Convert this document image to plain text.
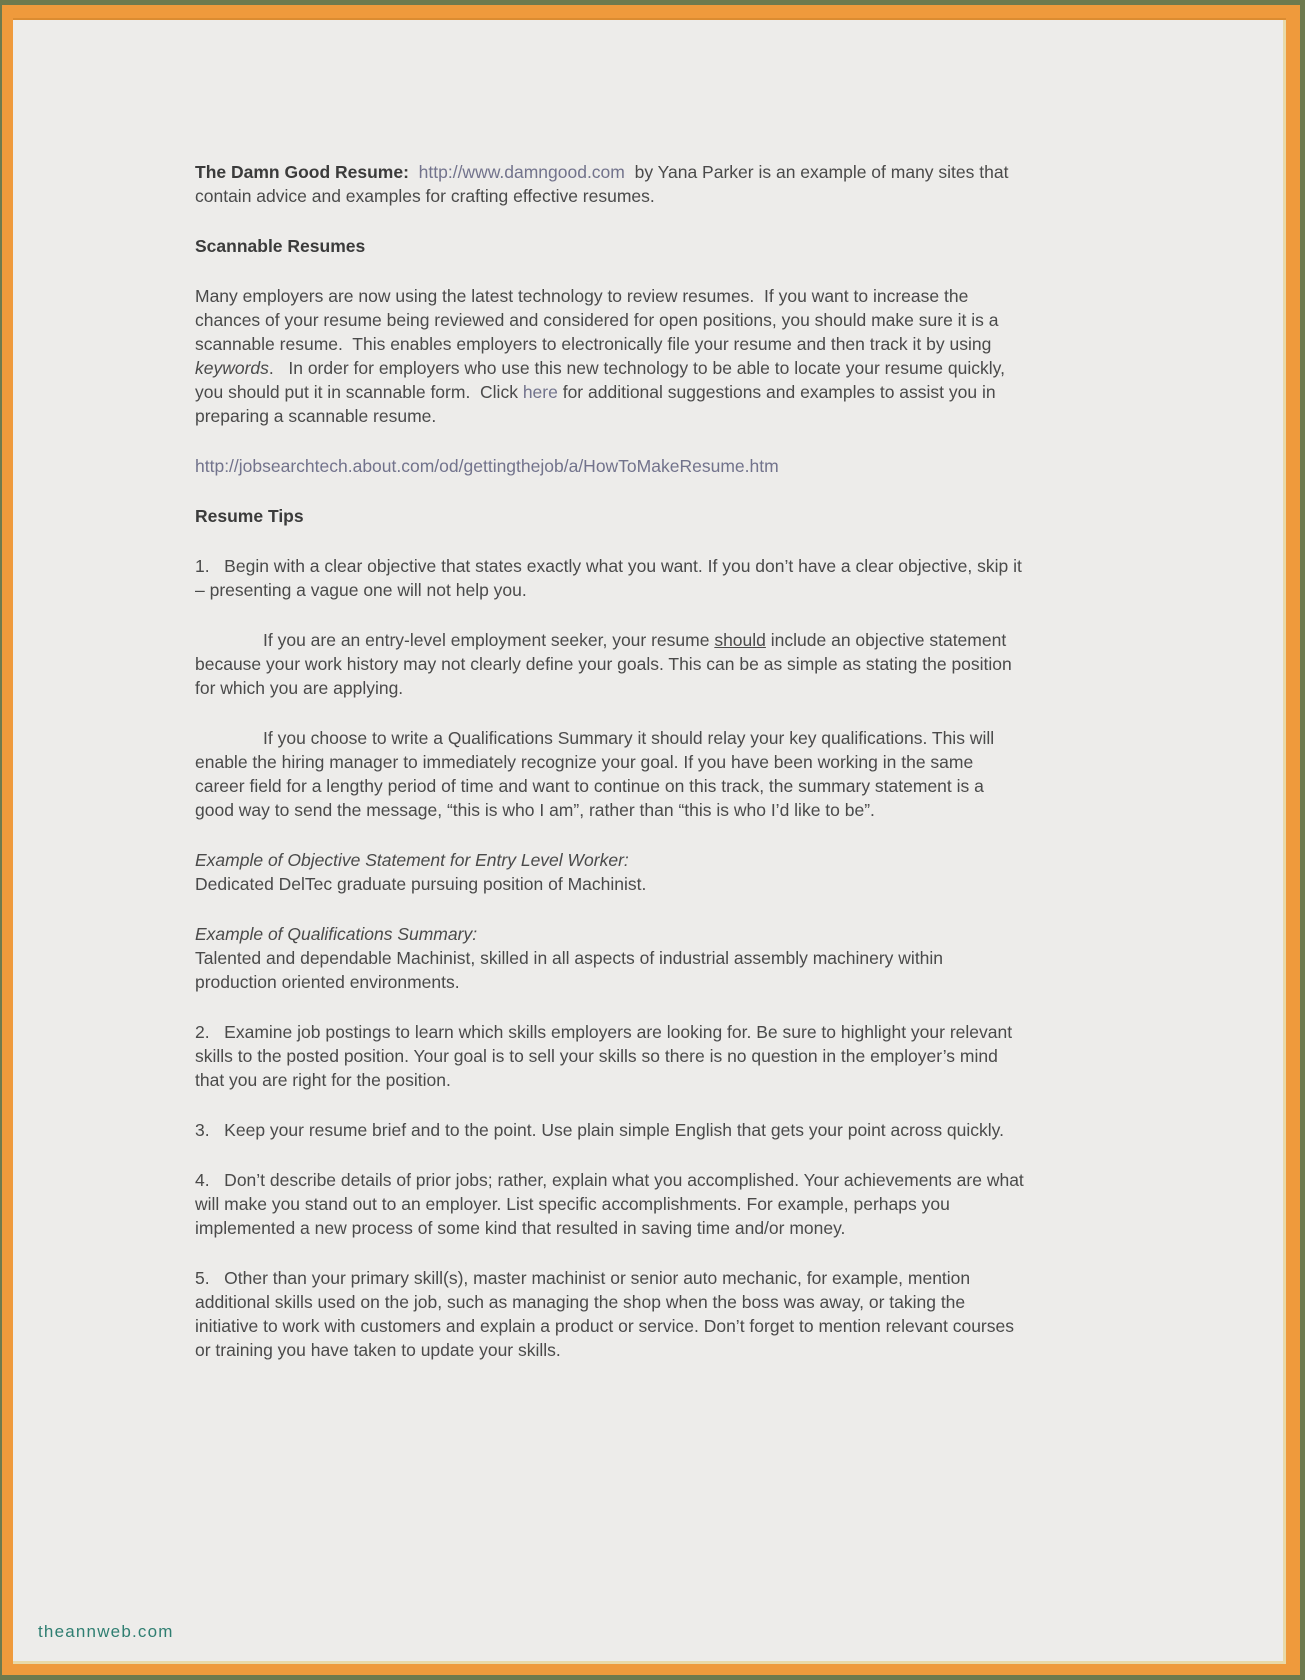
The Damn Good Resume: http://www.damngood.com  by Yana Parker is an example of many sites that contain advice and examples for crafting effective resumes.
Scannable Resumes
Many employers are now using the latest technology to review resumes.  If you want to increase the chances of your resume being reviewed and considered for open positions, you should make sure it is a scannable resume.  This enables employers to electronically file your resume and then track it by using keywords.   In order for employers who use this new technology to be able to locate your resume quickly, you should put it in scannable form.  Click here for additional suggestions and examples to assist you in preparing a scannable resume.
http://jobsearchtech.about.com/od/gettingthejob/a/HowToMakeResume.htm
Resume Tips
1.   Begin with a clear objective that states exactly what you want. If you don’t have a clear objective, skip it – presenting a vague one will not help you.
If you are an entry-level employment seeker, your resume should include an objective statement because your work history may not clearly define your goals. This can be as simple as stating the position for which you are applying.
If you choose to write a Qualifications Summary it should relay your key qualifications. This will enable the hiring manager to immediately recognize your goal. If you have been working in the same career field for a lengthy period of time and want to continue on this track, the summary statement is a good way to send the message, “this is who I am”, rather than “this is who I’d like to be”.
Example of Objective Statement for Entry Level Worker:
Dedicated DelTec graduate pursuing position of Machinist.
Example of Qualifications Summary:
Talented and dependable Machinist, skilled in all aspects of industrial assembly machinery within production oriented environments.
2.   Examine job postings to learn which skills employers are looking for. Be sure to highlight your relevant skills to the posted position. Your goal is to sell your skills so there is no question in the employer’s mind that you are right for the position.
3.   Keep your resume brief and to the point. Use plain simple English that gets your point across quickly.
4.   Don’t describe details of prior jobs; rather, explain what you accomplished. Your achievements are what will make you stand out to an employer. List specific accomplishments. For example, perhaps you implemented a new process of some kind that resulted in saving time and/or money.
5.   Other than your primary skill(s), master machinist or senior auto mechanic, for example, mention additional skills used on the job, such as managing the shop when the boss was away, or taking the initiative to work with customers and explain a product or service. Don’t forget to mention relevant courses or training you have taken to update your skills.
theannweb.com
